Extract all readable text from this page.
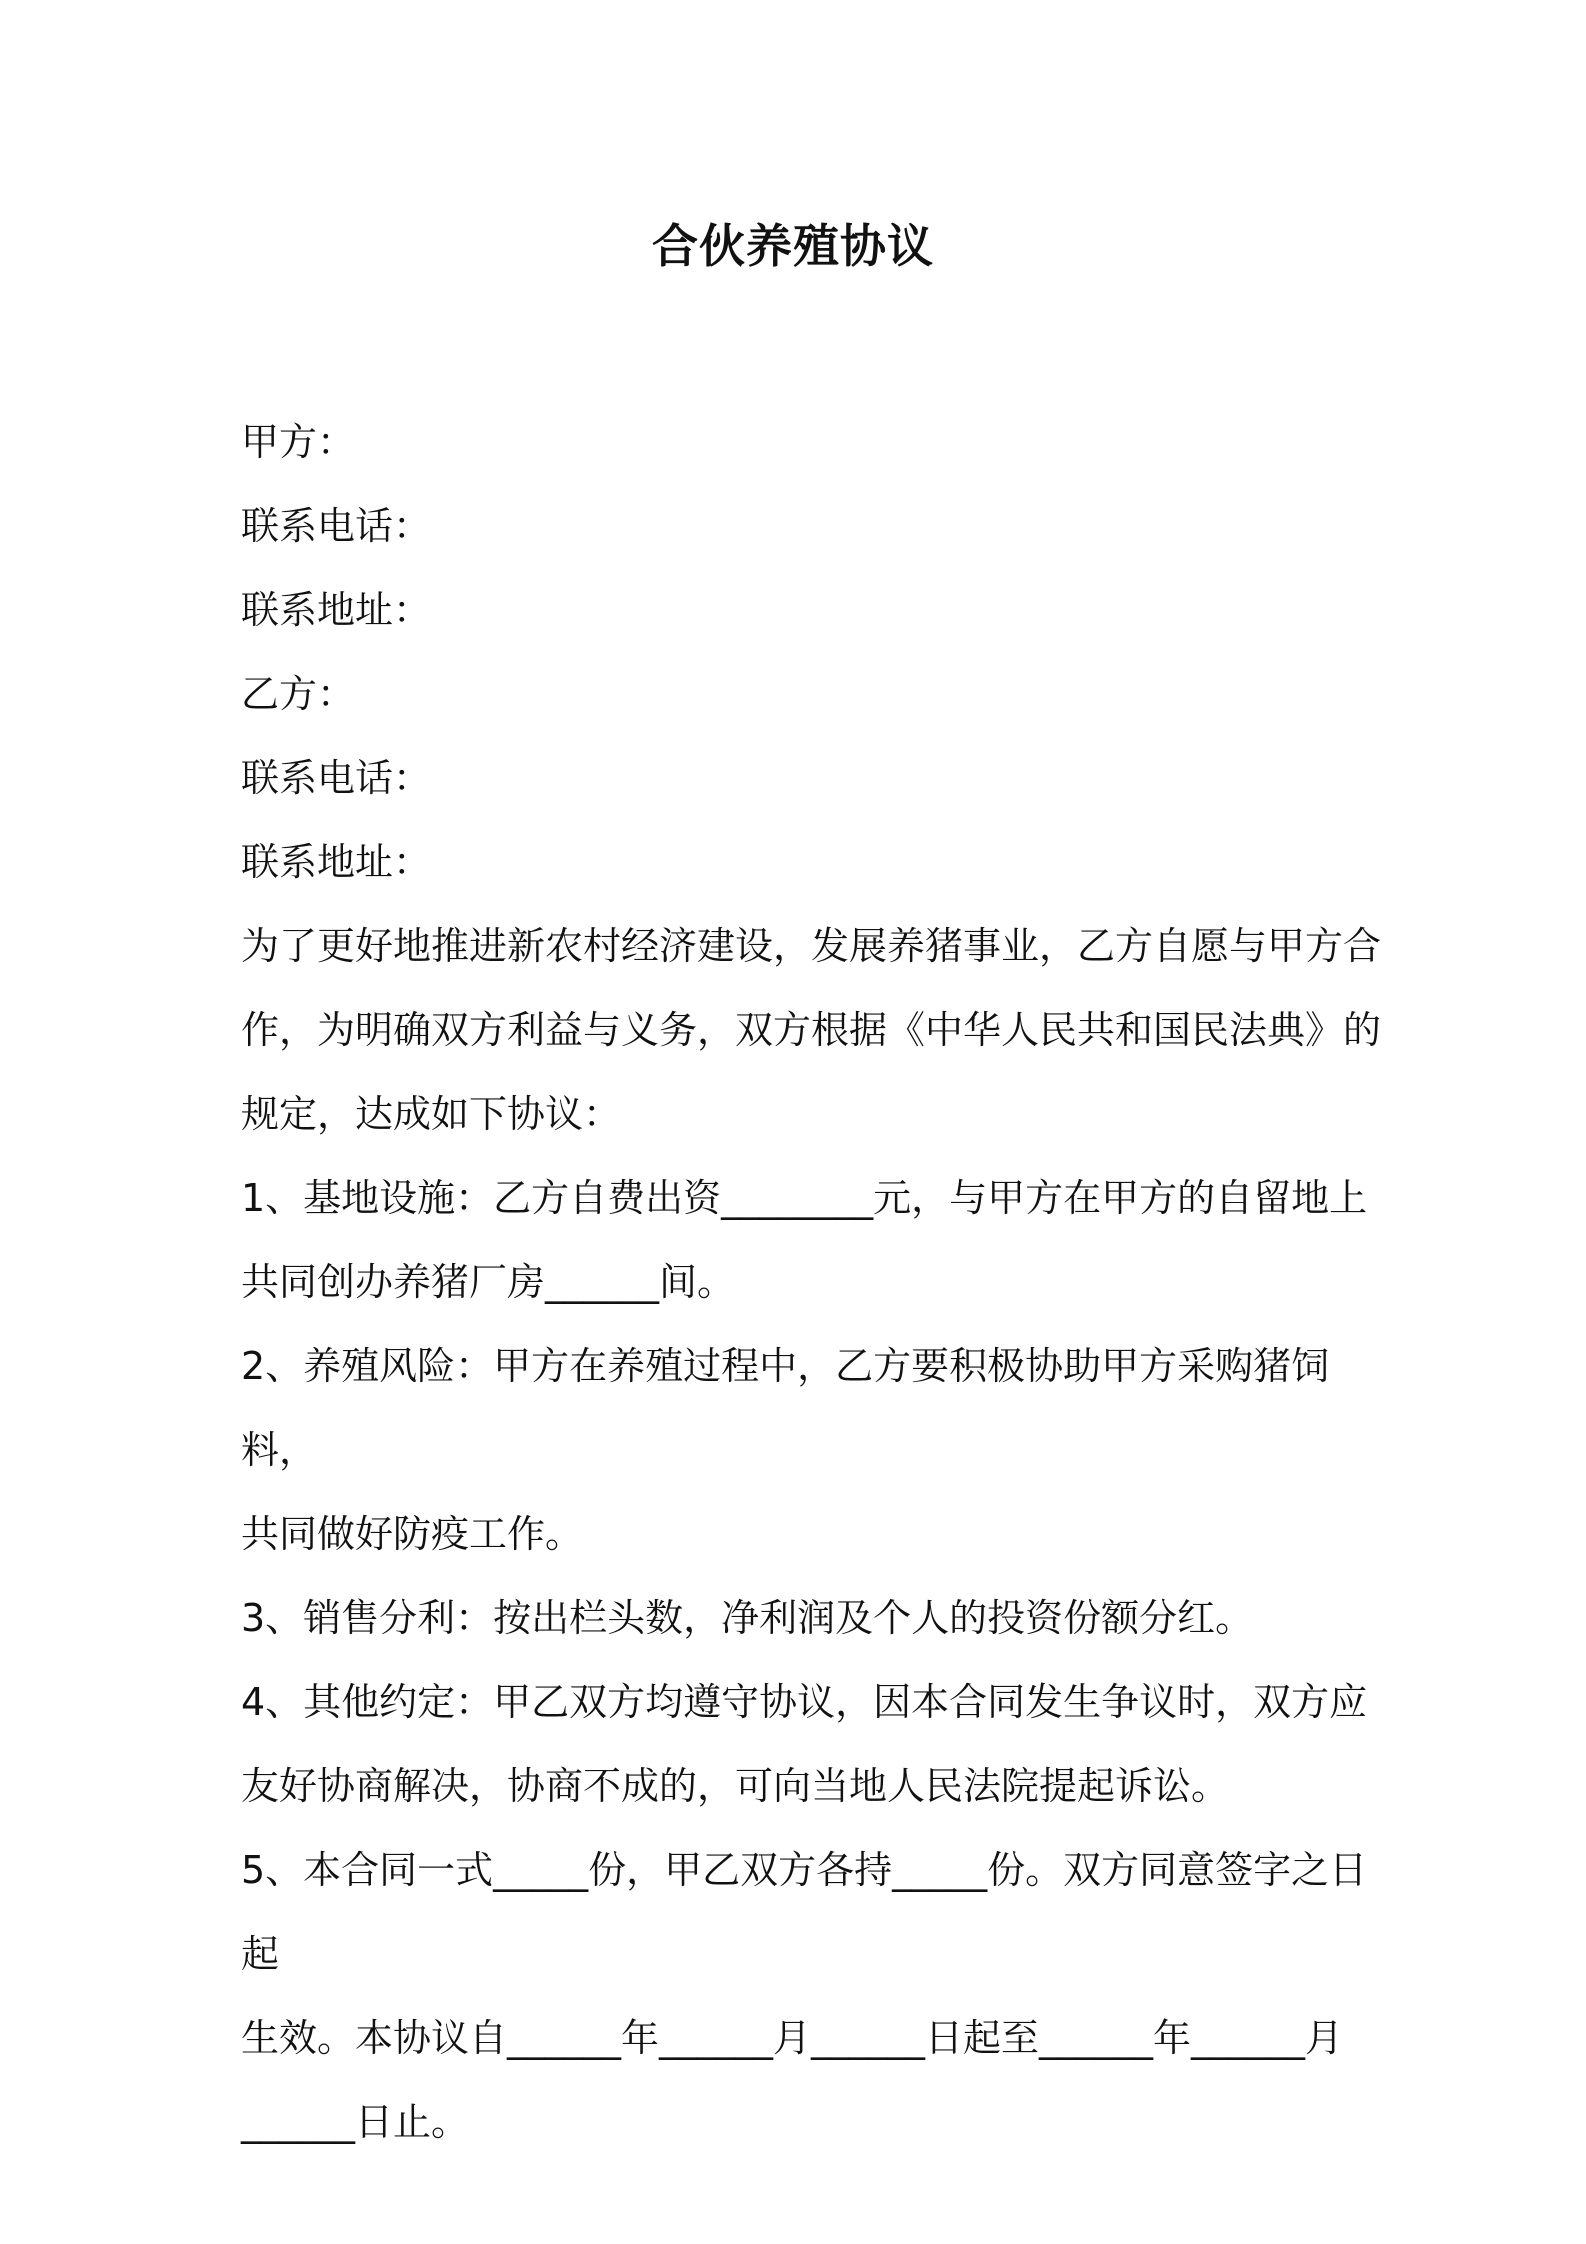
合伙养殖协议

甲方：

联系电话：

联系地址：

乙方：

联系电话：

联系地址：

为了更好地推进新农村经济建设，发展养猪事业，乙方自愿与甲方合

作，为明确双方利益与义务，双方根据《中华人民共和国民法典》的

规定，达成如下协议：

1、基地设施：乙方自费出资________元，与甲方在甲方的自留地上

共同创办养猪厂房______间。

2、养殖风险：甲方在养殖过程中，乙方要积极协助甲方采购猪饲料，

共同做好防疫工作。

3、销售分利：按出栏头数，净利润及个人的投资份额分红。

4、其他约定：甲乙双方均遵守协议，因本合同发生争议时，双方应

友好协商解决，协商不成的，可向当地人民法院提起诉讼。

5、本合同一式_____份，甲乙双方各持_____份。双方同意签字之日起

生效。本协议自______年______月______日起至______年______月

______日止。
